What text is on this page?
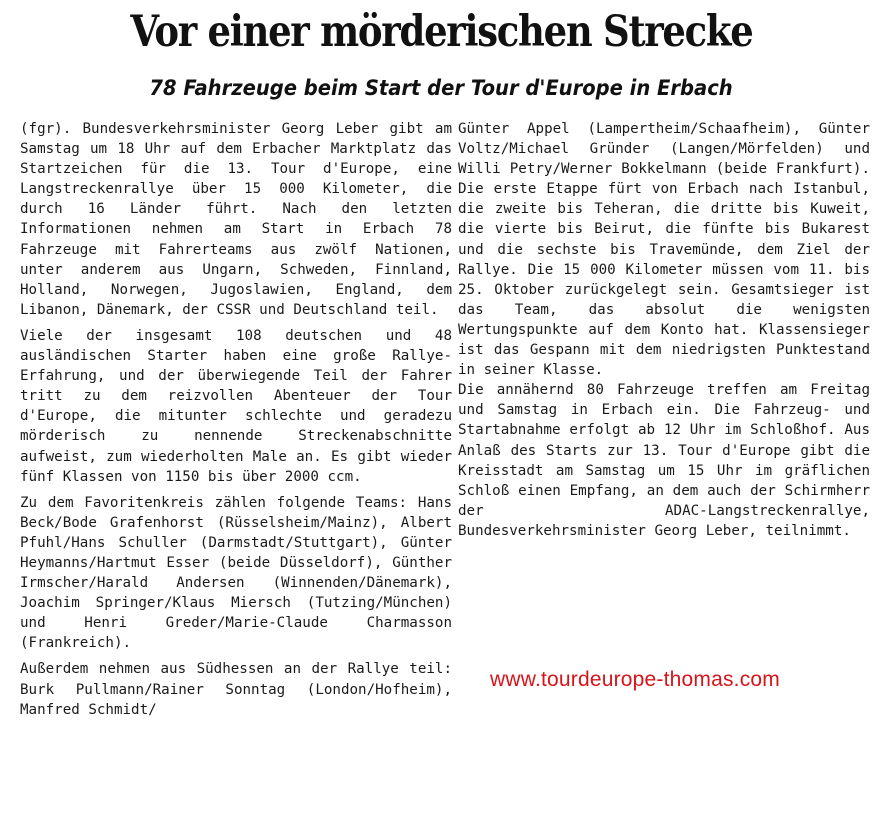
Vor einer mörderischen Strecke
78 Fahrzeuge beim Start der Tour d'Europe in Erbach

(fgr). Bundesverkehrsminister Georg Leber gibt am Samstag um 18 Uhr auf dem Erbacher Marktplatz das Startzeichen für die 13. Tour d'Europe, eine Langstreckenrallye über 15 000 Kilometer, die durch 16 Länder führt. Nach den letzten Informationen nehmen am Start in Erbach 78 Fahrzeuge mit Fahrerteams aus zwölf Nationen, unter anderem aus Ungarn, Schweden, Finnland, Holland, Norwegen, Jugoslawien, England, dem Libanon, Dänemark, der CSSR und Deutschland teil.

Viele der insgesamt 108 deutschen und 48 ausländischen Starter haben eine große Rallye-Erfahrung, und der überwiegende Teil der Fahrer tritt zu dem reizvollen Abenteuer der Tour d'Europe, die mitunter schlechte und geradezu mörderisch zu nennende Streckenabschnitte aufweist, zum wiederholten Male an. Es gibt wieder fünf Klassen von 1150 bis über 2000 ccm.

Zu dem Favoritenkreis zählen folgende Teams: Hans Beck/Bode Grafenhorst (Rüsselsheim/Mainz), Albert Pfuhl/Hans Schuller (Darmstadt/Stuttgart), Günter Heymanns/Hartmut Esser (beide Düsseldorf), Günther Irmscher/Harald Andersen (Winnenden/Dänemark), Joachim Springer/Klaus Miersch (Tutzing/München) und Henri Greder/Marie-Claude Charmasson (Frankreich).

Außerdem nehmen aus Südhessen an der Rallye teil: Burk Pullmann/Rainer Sonntag (London/Hofheim), Manfred Schmidt/

Günter Appel (Lampertheim/Schaafheim), Günter Voltz/Michael Gründer (Langen/Mörfelden) und Willi Petry/Werner Bokkelmann (beide Frankfurt). Die erste Etappe fürt von Erbach nach Istanbul, die zweite bis Teheran, die dritte bis Kuweit, die vierte bis Beirut, die fünfte bis Bukarest und die sechste bis Travemünde, dem Ziel der Rallye. Die 15 000 Kilometer müssen vom 11. bis 25. Oktober zurückgelegt sein. Gesamtsieger ist das Team, das absolut die wenigsten Wertungspunkte auf dem Konto hat. Klassensieger ist das Gespann mit dem niedrigsten Punktestand in seiner Klasse.

Die annähernd 80 Fahrzeuge treffen am Freitag und Samstag in Erbach ein. Die Fahrzeug- und Startabnahme erfolgt ab 12 Uhr im Schloßhof. Aus Anlaß des Starts zur 13. Tour d'Europe gibt die Kreisstadt am Samstag um 15 Uhr im gräflichen Schloß einen Empfang, an dem auch der Schirmherr der ADAC-Langstreckenrallye, Bundesverkehrsminister Georg Leber, teilnimmt.

www.tourdeurope-thomas.com
